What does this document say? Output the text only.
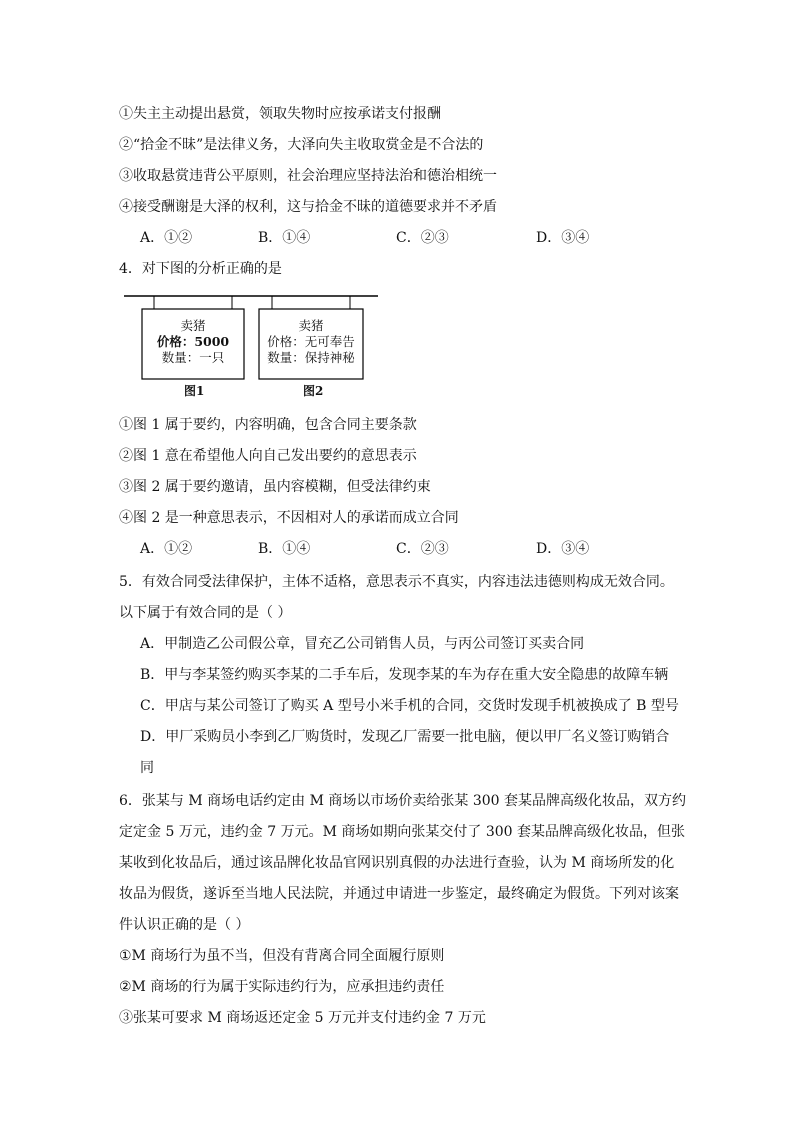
①失主主动提出悬赏，领取失物时应按承诺支付报酬
②“拾金不昧”是法律义务，大泽向失主收取赏金是不合法的
③收取悬赏违背公平原则，社会治理应坚持法治和德治相统一
④接受酬谢是大泽的权利，这与拾金不昧的道德要求并不矛盾
A．①②	B．①④	C．②③	D．③④
4．对下图的分析正确的是
卖猪
价格：5000
数量：一只
图1
卖猪
价格：无可奉告
数量：保持神秘
图2
①图 1 属于要约，内容明确，包含合同主要条款
②图 1 意在希望他人向自己发出要约的意思表示
③图 2 属于要约邀请，虽内容模糊，但受法律约束
④图 2 是一种意思表示，不因相对人的承诺而成立合同
A．①②	B．①④	C．②③	D．③④
5．有效合同受法律保护，主体不适格，意思表示不真实，内容违法违德则构成无效合同。
以下属于有效合同的是（ ）
A．甲制造乙公司假公章，冒充乙公司销售人员，与丙公司签订买卖合同
B．甲与李某签约购买李某的二手车后，发现李某的车为存在重大安全隐患的故障车辆
C．甲店与某公司签订了购买 A 型号小米手机的合同，交货时发现手机被换成了 B 型号
D．甲厂采购员小李到乙厂购货时，发现乙厂需要一批电脑，便以甲厂名义签订购销合
同
6．张某与 M 商场电话约定由 M 商场以市场价卖给张某 300 套某品牌高级化妆品，双方约
定定金 5 万元，违约金 7 万元。M 商场如期向张某交付了 300 套某品牌高级化妆品，但张
某收到化妆品后，通过该品牌化妆品官网识别真假的办法进行查验，认为 M 商场所发的化
妆品为假货，遂诉至当地人民法院，并通过申请进一步鉴定，最终确定为假货。下列对该案
件认识正确的是（ ）
①M 商场行为虽不当，但没有背离合同全面履行原则
②M 商场的行为属于实际违约行为，应承担违约责任
③张某可要求 M 商场返还定金 5 万元并支付违约金 7 万元
